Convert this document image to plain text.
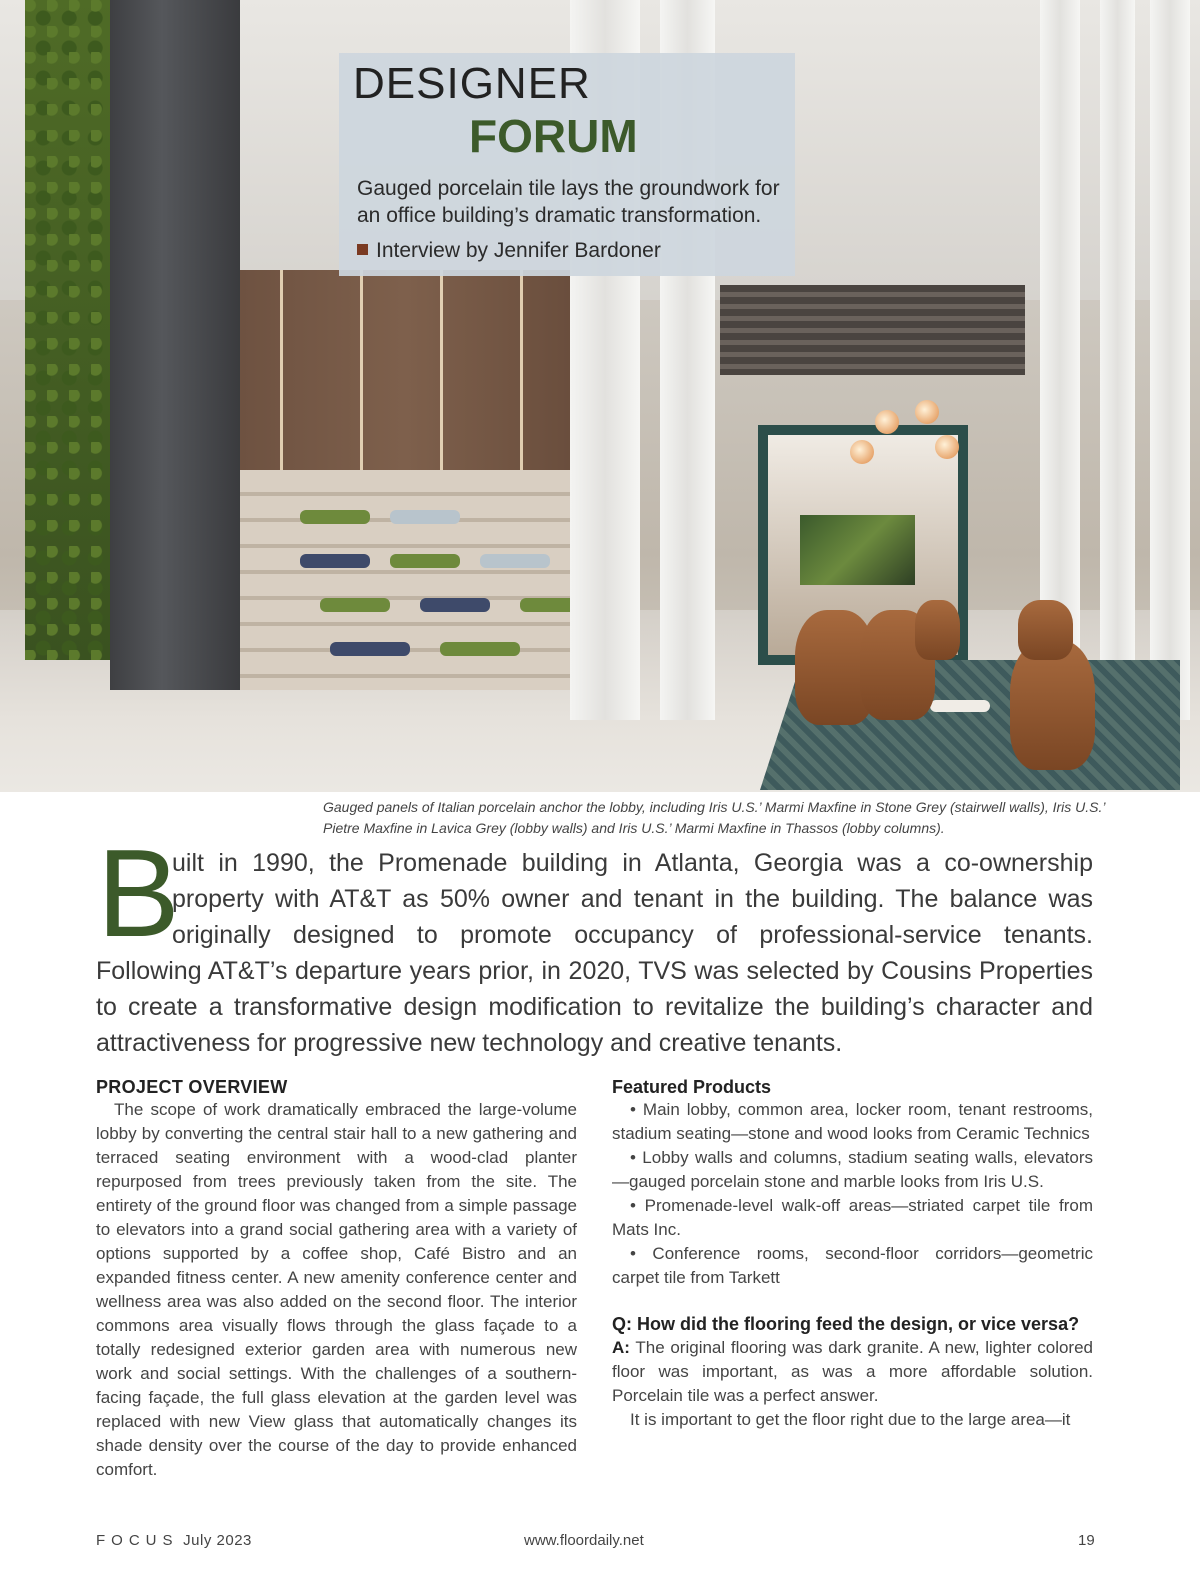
DESIGNER
FORUM
Gauged porcelain tile lays the groundwork for an office building’s dramatic transformation.
Interview by Jennifer Bardoner
Gauged panels of Italian porcelain anchor the lobby, including Iris U.S.’ Marmi Maxfine in Stone Grey (stairwell walls), Iris U.S.’ Pietre Maxfine in Lavica Grey (lobby walls) and Iris U.S.’ Marmi Maxfine in Thassos (lobby columns).
B
uilt in 1990, the Promenade building in Atlanta, Georgia was a co-ownership property with AT&T as 50% owner and tenant in the building. The balance was originally designed to promote occupancy of professional-service tenants. Following AT&T’s departure years prior, in 2020, TVS was selected by Cousins Properties to create a transformative design modification to revitalize the building’s character and attractiveness for progressive new technology and creative tenants.
PROJECT OVERVIEW

The scope of work dramatically embraced the large-volume lobby by converting the central stair hall to a new gathering and terraced seating environment with a wood-clad planter repurposed from trees previously taken from the site. The entirety of the ground floor was changed from a simple passage to elevators into a grand social gathering area with a variety of options supported by a coffee shop, Café Bistro and an expanded fitness center. A new amenity conference center and wellness area was also added on the second floor. The interior commons area visually flows through the glass façade to a totally redesigned exterior garden area with numerous new work and social settings. With the challenges of a southern-facing façade, the full glass elevation at the garden level was replaced with new View glass that automatically changes its shade density over the course of the day to provide enhanced comfort.

Featured Products

• Main lobby, common area, locker room, tenant restrooms, stadium seating—stone and wood looks from Ceramic Technics

• Lobby walls and columns, stadium seating walls, elevators—gauged porcelain stone and marble looks from Iris U.S.

• Promenade-level walk-off areas—striated carpet tile from Mats Inc.

• Conference rooms, second-floor corridors—geometric carpet tile from Tarkett

Q: How did the flooring feed the design, or vice versa?

A: The original flooring was dark granite. A new, lighter colored floor was important, as was a more affordable solution. Porcelain tile was a perfect answer.

It is important to get the floor right due to the large area—it

FOCUS July 2023	www.floordaily.net	19
